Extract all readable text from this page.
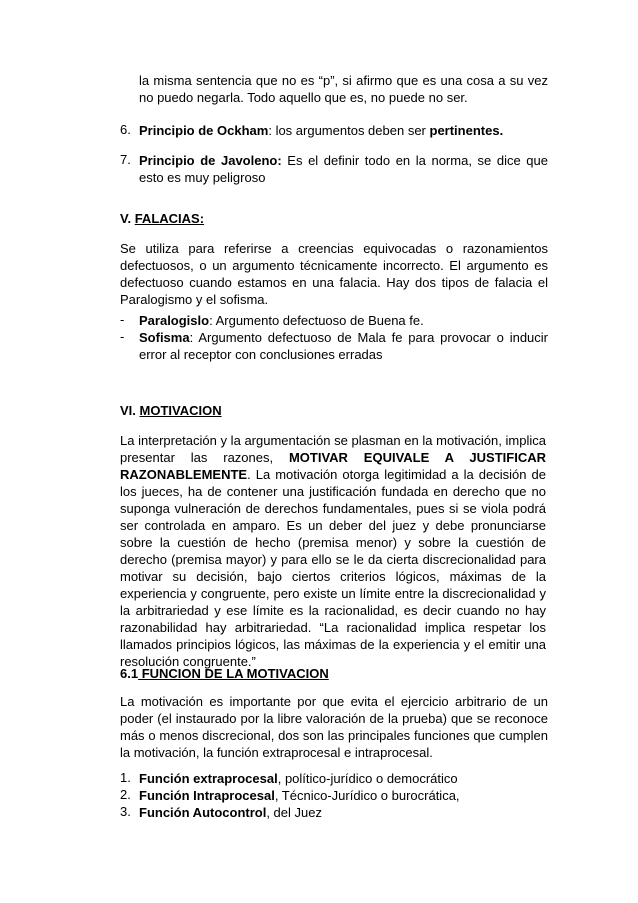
la misma sentencia que no es “p”, si afirmo que es una cosa a su vez no puedo negarla. Todo aquello que es, no puede no ser.
6. Principio de Ockham: los argumentos deben ser pertinentes.
7. Principio de Javoleno: Es el definir todo en la norma, se dice que esto es muy peligroso
V. FALACIAS:
Se utiliza para referirse a creencias equivocadas o razonamientos defectuosos, o un argumento técnicamente incorrecto. El argumento es defectuoso cuando estamos en una falacia. Hay dos tipos de falacia el Paralogismo y el sofisma.
- Paralogislo: Argumento defectuoso de Buena fe.
- Sofisma: Argumento defectuoso de Mala fe para provocar o inducir error al receptor con conclusiones erradas
VI. MOTIVACION
La interpretación y la argumentación se plasman en la motivación, implica presentar las razones, MOTIVAR EQUIVALE A JUSTIFICAR RAZONABLEMENTE. La motivación otorga legitimidad a la decisión de los jueces, ha de contener una justificación fundada en derecho que no suponga vulneración de derechos fundamentales, pues si se viola podrá ser controlada en amparo. Es un deber del juez y debe pronunciarse sobre la cuestión de hecho (premisa menor) y sobre la cuestión de derecho (premisa mayor) y para ello se le da cierta discrecionalidad para motivar su decisión, bajo ciertos criterios lógicos, máximas de la experiencia y congruente, pero existe un límite entre la discrecionalidad y la arbitrariedad y ese límite es la racionalidad, es decir cuando no hay razonabilidad hay arbitrariedad. “La racionalidad implica respetar los llamados principios lógicos, las máximas de la experiencia y el emitir una resolución congruente.”
6.1 FUNCION DE LA MOTIVACION
La motivación es importante por que evita el ejercicio arbitrario de un poder (el instaurado por la libre valoración de la prueba) que se reconoce más o menos discrecional, dos son las principales funciones que cumplen la motivación, la función extraprocesal e intraprocesal.
1. Función extraprocesal, político-jurídico o democrático
2. Función Intraprocesal, Técnico-Jurídico o burocrática,
3. Función Autocontrol, del Juez
